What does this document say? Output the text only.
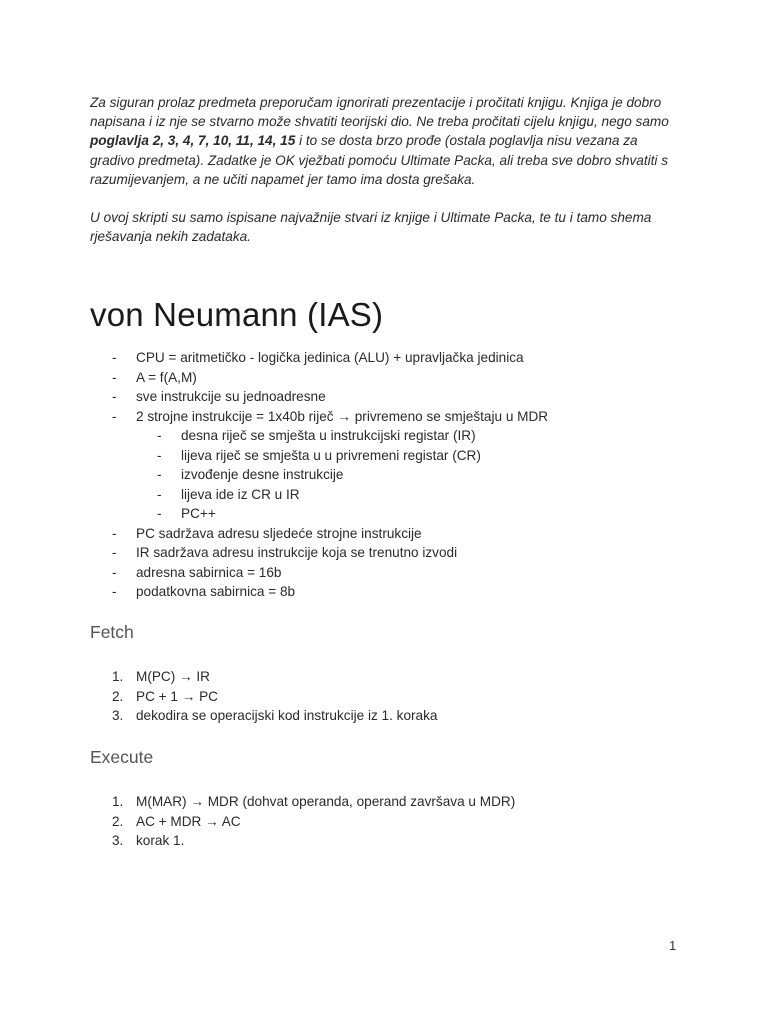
Za siguran prolaz predmeta preporučam ignorirati prezentacije i pročitati knjigu. Knjiga je dobro napisana i iz nje se stvarno može shvatiti teorijski dio. Ne treba pročitati cijelu knjigu, nego samo poglavlja 2, 3, 4, 7, 10, 11, 14, 15 i to se dosta brzo prođe (ostala poglavlja nisu vezana za gradivo predmeta). Zadatke je OK vježbati pomoću Ultimate Packa, ali treba sve dobro shvatiti s razumijevanjem, a ne učiti napamet jer tamo ima dosta grešaka.

U ovoj skripti su samo ispisane najvažnije stvari iz knjige i Ultimate Packa, te tu i tamo shema rješavanja nekih zadataka.

von Neumann (IAS)
- CPU = aritmetičko - logička jedinica (ALU) + upravljačka jedinica
- A = f(A,M)
- sve instrukcije su jednoadresne
- 2 strojne instrukcije = 1x40b riječ → privremeno se smještaju u MDR
- desna riječ se smješta u instrukcijski registar (IR)
- lijeva riječ se smješta u u privremeni registar (CR)
- izvođenje desne instrukcije
- lijeva ide iz CR u IR
- PC++
- PC sadržava adresu sljedeće strojne instrukcije
- IR sadržava adresu instrukcije koja se trenutno izvodi
- adresna sabirnica = 16b
- podatkovna sabirnica = 8b
Fetch
1. M(PC) → IR
2. PC + 1 → PC
3. dekodira se operacijski kod instrukcije iz 1. koraka
Execute
1. M(MAR) → MDR (dohvat operanda, operand završava u MDR)
2. AC + MDR → AC
3. korak 1.
1
